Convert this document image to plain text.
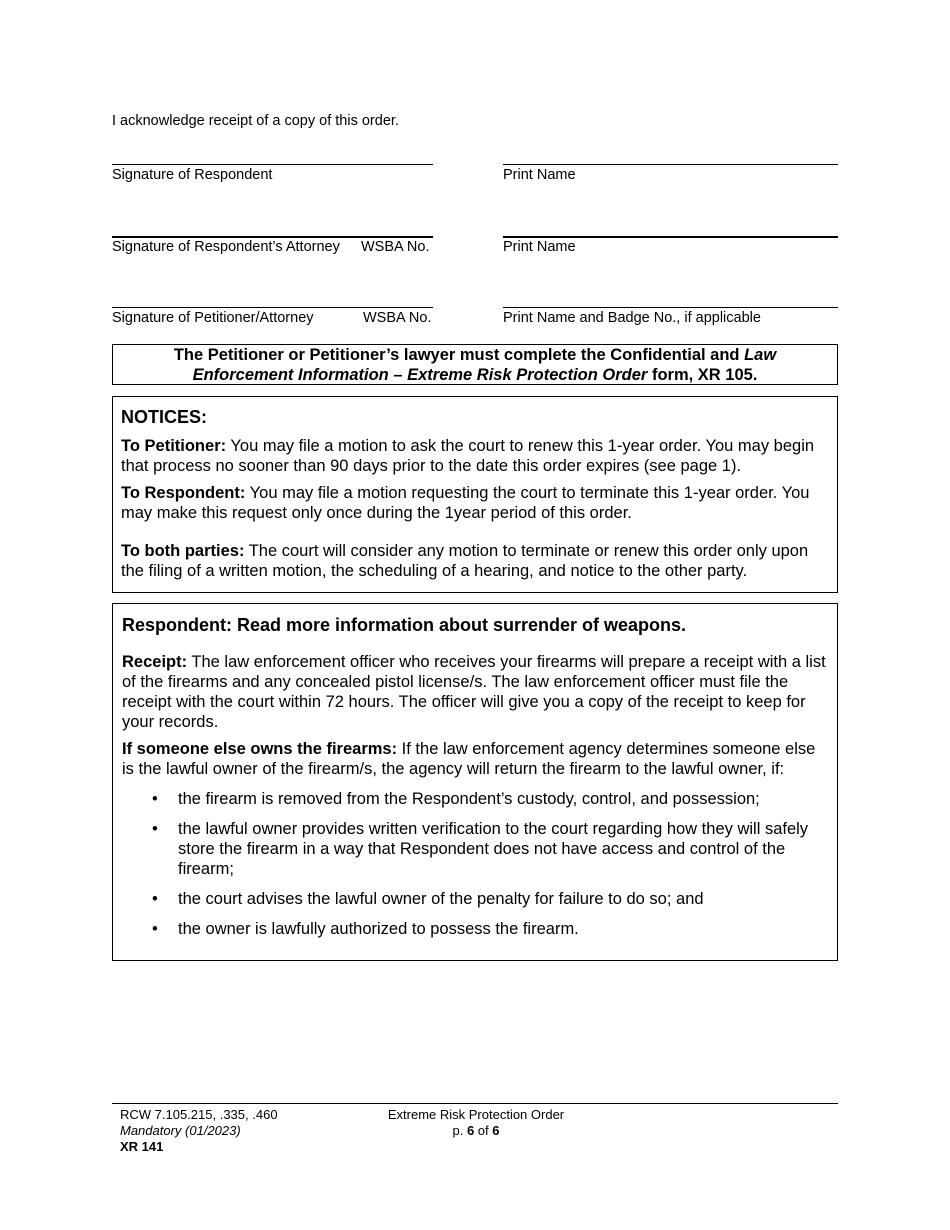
I acknowledge receipt of a copy of this order.
Signature of Respondent	Print Name
Signature of Respondent’s Attorney WSBA No.	Print Name
Signature of Petitioner/Attorney	WSBA No.	Print Name and Badge No., if applicable
The Petitioner or Petitioner’s lawyer must complete the Confidential and Law
Enforcement Information – Extreme Risk Protection Order form, XR 105.
NOTICES:

To Petitioner: You may file a motion to ask the court to renew this 1-year order. You may begin that process no sooner than 90 days prior to the date this order expires (see page 1).

To Respondent: You may file a motion requesting the court to terminate this 1-year order. You may make this request only once during the 1year period of this order.

To both parties: The court will consider any motion to terminate or renew this order only upon the filing of a written motion, the scheduling of a hearing, and notice to the other party.

Respondent: Read more information about surrender of weapons.

Receipt: The law enforcement officer who receives your firearms will prepare a receipt with a list of the firearms and any concealed pistol license/s. The law enforcement officer must file the receipt with the court within 72 hours. The officer will give you a copy of the receipt to keep for your records.

If someone else owns the firearms: If the law enforcement agency determines someone else is the lawful owner of the firearm/s, the agency will return the firearm to the lawful owner, if:

• the firearm is removed from the Respondent’s custody, control, and possession;
• the lawful owner provides written verification to the court regarding how they will safely store the firearm in a way that Respondent does not have access and control of the firearm;
• the court advises the lawful owner of the penalty for failure to do so; and
• the owner is lawfully authorized to possess the firearm.
RCW 7.105.215, .335, .460
Mandatory (01/2023)
XR 141
Extreme Risk Protection Order
p. 6 of 6
